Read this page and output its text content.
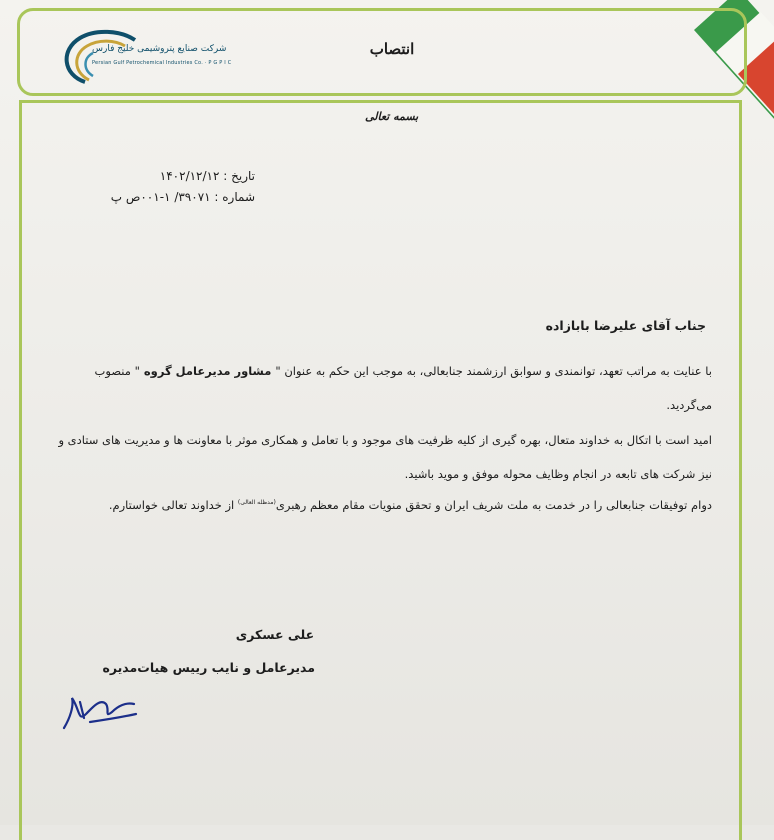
شرکت صنایع پتروشیمی خلیج فارس
Persian Gulf Petrochemical Industries Co. · P G P I C
انتصاب
بسمه تعالی
تاریخ : ۱۴۰۲/۱۲/۱۲
شماره : ۳۹۰۷۱/ ۱-۰۰۱ص پ
جناب آقای علیرضا بابازاده
با عنایت به مراتب تعهد، توانمندی و سوابق ارزشمند جنابعالی، به موجب این حکم به عنوان " مشاور مدیرعامل گروه " منصوب می‌گردید.
امید است با اتکال به خداوند متعال، بهره گیری از کلیه ظرفیت های موجود و با تعامل و همکاری موثر با معاونت ها و مدیریت های ستادی و نیز شرکت های تابعه در انجام وظایف محوله موفق و موید باشید.
دوام توفیقات جنابعالی را در خدمت به ملت شریف ایران و تحقق منویات مقام معظم رهبری$^{(مدظله العالی)}$ از خداوند تعالی خواستارم.
علی عسکری
مدیرعامل و نایب رییس هیات‌مدیره
